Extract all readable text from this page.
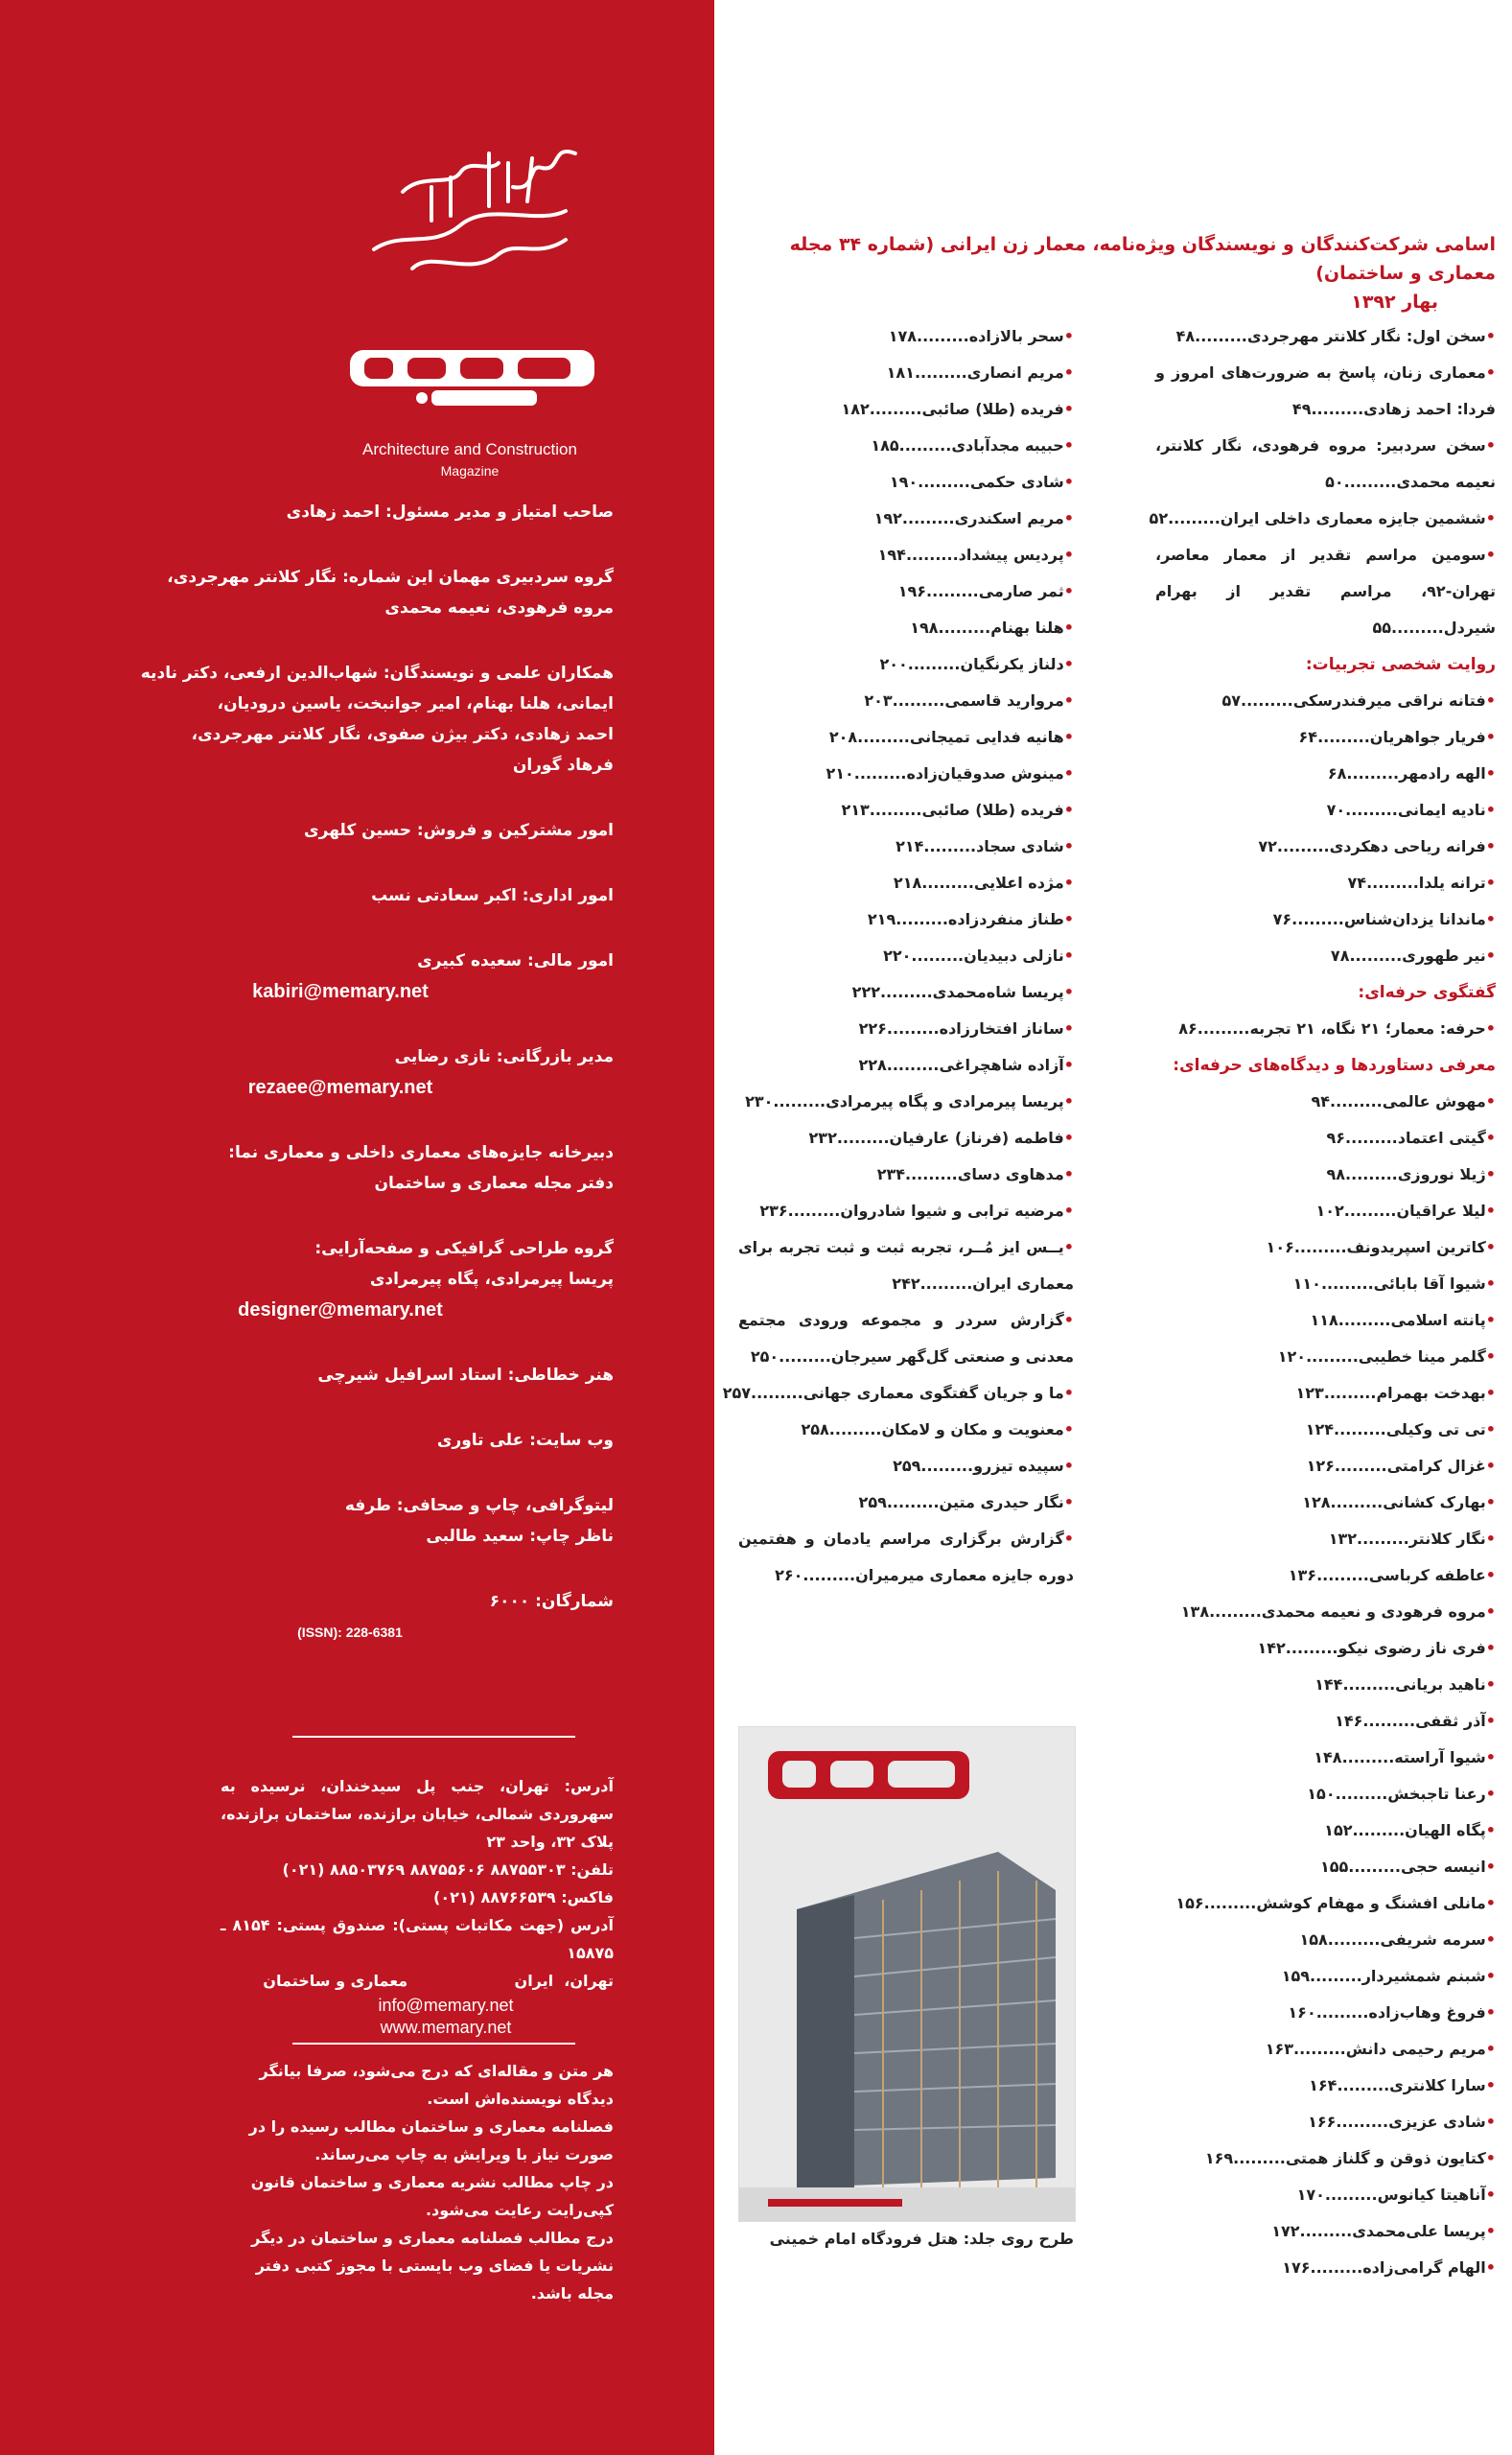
Architecture and Construction
Magazine
صاحب امتیاز و مدیر مسئول: احمد زهادی
گروه سردبیری مهمان این شماره: نگار کلانتر مهرجردی،
مروه فرهودی، نعیمه محمدی
همکاران علمی و نویسندگان: شهاب‌الدین ارفعی، دکتر نادیه
ایمانی، هلنا بهنام، امیر جوانبخت، یاسین درودیان،
احمد زهادی، دکتر بیژن صفوی، نگار کلانتر مهرجردی،
فرهاد گوران
امور مشترکین و فروش: حسین کلهری
امور اداری: اکبر سعادتی نسب
امور مالی: سعیده کبیری
kabiri@memary.net
مدیر بازرگانی: نازی رضایی
rezaee@memary.net
دبیرخانه جایزه‌های معماری داخلی و معماری نما:
دفتر مجله معماری و ساختمان
گروه طراحی گرافیکی و صفحه‌آرایی:
پریسا پیرمرادی، پگاه پیرمرادی
designer@memary.net
هنر خطاطی: استاد اسرافیل شیرچی
وب سایت: علی تاوری
لیتوگرافی، چاپ و صحافی: طرفه
ناظر چاپ: سعید طالبی
شمارگان: ۶۰۰۰
(ISSN): 228-6381
آدرس: تهران، جنب پل سیدخندان، نرسیده به سهروردی شمالی، خیابان برازنده، ساختمان برازنده، پلاک ۳۲، واحد ۲۳
تلفن: ۸۸۷۵۵۳۰۳ ۸۸۷۵۵۶۰۶ ۸۸۵۰۳۷۶۹ (۰۲۱)
فاکس: ۸۸۷۶۶۵۳۹ (۰۲۱)
آدرس (جهت مکاتبات پستی): صندوق پستی: ۸۱۵۴ ـ ۱۵۸۷۵
تهران،  ایران                    معماری و ساختمان
info@memary.net
www.memary.net
هر متن و مقاله‌ای که درج می‌شود، صرفا بیانگر دیدگاه نویسنده‌اش است.
فصلنامه معماری و ساختمان مطالب رسیده را در صورت نیاز با ویرایش به چاپ می‌رساند.
در چاپ مطالب نشریه معماری و ساختمان قانون کپی‌رایت رعایت می‌شود.
درج مطالب فصلنامه معماری و ساختمان در دیگر نشریات یا فضای وب بایستی با مجوز کتبی دفتر مجله باشد.
اسامی شرکت‌کنندگان و نویسندگان ویژه‌نامه، معمار زن ایرانی (شماره ۳۴ مجله معماری و ساختمان)
بهار ۱۳۹۲
•سخن اول: نگار کلانتر مهرجردی.........۴۸
•معماری زنان، پاسخ به ضرورت‌های امروز و فردا: احمد زهادی.........۴۹
•سخن سردبیر: مروه فرهودی، نگار کلانتر، نعیمه محمدی.........۵۰
•ششمین جایزه معماری داخلی ایران.........۵۲
•سومین مراسم تقدیر از معمار معاصر، تهران-۹۲، مراسم تقدیر از بهرام شیردل.........۵۵
روایت شخصی تجربیات:
•فتانه نراقی میرفندرسکی.........۵۷
•فریار جواهریان.........۶۴
•الهه رادمهر.........۶۸
•نادیه ایمانی.........۷۰
•فرانه ریاحی دهکردی.........۷۲
•ترانه یلدا.........۷۴
•ماندانا یزدان‌شناس.........۷۶
•نیر طهوری.........۷۸
گفتگوی حرفه‌ای:
•حرفه: معمار؛ ۲۱ نگاه، ۲۱ تجربه.........۸۶
معرفی دستاوردها و دیدگاه‌های حرفه‌ای:
•مهوش عالمی.........۹۴
•گیتی اعتماد.........۹۶
•ژیلا نوروزی.........۹۸
•لیلا عراقیان.........۱۰۲
•کاترین اسپریدونف.........۱۰۶
•شیوا آقا بابائی.........۱۱۰
•پانته اسلامی.........۱۱۸
•گلمر مینا خطیبی.........۱۲۰
•بهدخت بهمرام.........۱۲۳
•تی تی وکیلی.........۱۲۴
•غزال کرامتی.........۱۲۶
•بهارک کشانی.........۱۲۸
•نگار کلانتر.........۱۳۲
•عاطفه کرباسی.........۱۳۶
•مروه فرهودی و نعیمه محمدی.........۱۳۸
•فری ناز رضوی نیکو.........۱۴۲
•ناهید بریانی.........۱۴۴
•آذر ثقفی.........۱۴۶
•شیوا آراسته.........۱۴۸
•رعنا تاجبخش.........۱۵۰
•پگاه الهیان.........۱۵۲
•انیسه حجی.........۱۵۵
•مانلی افشنگ و مهفام کوشش.........۱۵۶
•سرمه شریفی.........۱۵۸
•شبنم شمشیردار.........۱۵۹
•فروغ وهاب‌زاده.........۱۶۰
•مریم رحیمی دانش.........۱۶۳
•سارا کلانتری.........۱۶۴
•شادی عزیزی.........۱۶۶
•کتایون ذوقن و گلناز همتی.........۱۶۹
•آناهیتا کیانوس.........۱۷۰
•پریسا علی‌محمدی.........۱۷۲
•الهام گرامی‌زاده.........۱۷۶
•سحر بالازاده.........۱۷۸
•مریم انصاری.........۱۸۱
•فریده (طلا) صائبی.........۱۸۲
•حبیبه مجدآبادی.........۱۸۵
•شادی حکمی.........۱۹۰
•مریم اسکندری.........۱۹۲
•پردیس پیشداد.........۱۹۴
•ثمر صارمی.........۱۹۶
•هلنا بهنام.........۱۹۸
•دلناز یکرنگیان.........۲۰۰
•مروارید قاسمی.........۲۰۳
•هانیه فدایی تمیجانی.........۲۰۸
•مینوش صدوقیان‌زاده.........۲۱۰
•فریده (طلا) صائبی.........۲۱۳
•شادی سجاد.........۲۱۴
•مژده اعلایی.........۲۱۸
•طناز منفردزاده.........۲۱۹
•نازلی دبیدیان.........۲۲۰
•پریسا شاه‌محمدی.........۲۲۲
•ساناز افتخارزاده.........۲۲۶
•آزاده شاهچراغی.........۲۲۸
•پریسا پیرمرادی و پگاه پیرمرادی.........۲۳۰
•فاطمه (فرناز) عارفیان.........۲۳۲
•مدهاوی دسای.........۲۳۴
•مرضیه ترابی و شیوا شادروان.........۲۳۶
•یــس ایز مُــر، تجربه ثبت و ثبت تجربه برای معماری ایران.........۲۴۲
•گزارش سردر و مجموعه ورودی مجتمع معدنی و صنعتی گل‌گهر سیرجان.........۲۵۰
•ما و جریان گفتگوی معماری جهانی.........۲۵۷
•معنویت و مکان و لامکان.........۲۵۸
•سپیده تیزرو.........۲۵۹
•نگار حیدری متین.........۲۵۹
•گزارش برگزاری مراسم یادمان و هفتمین دوره جایزه معماری میرمیران.........۲۶۰
طرح روی جلد: هتل فرودگاه امام خمینی
